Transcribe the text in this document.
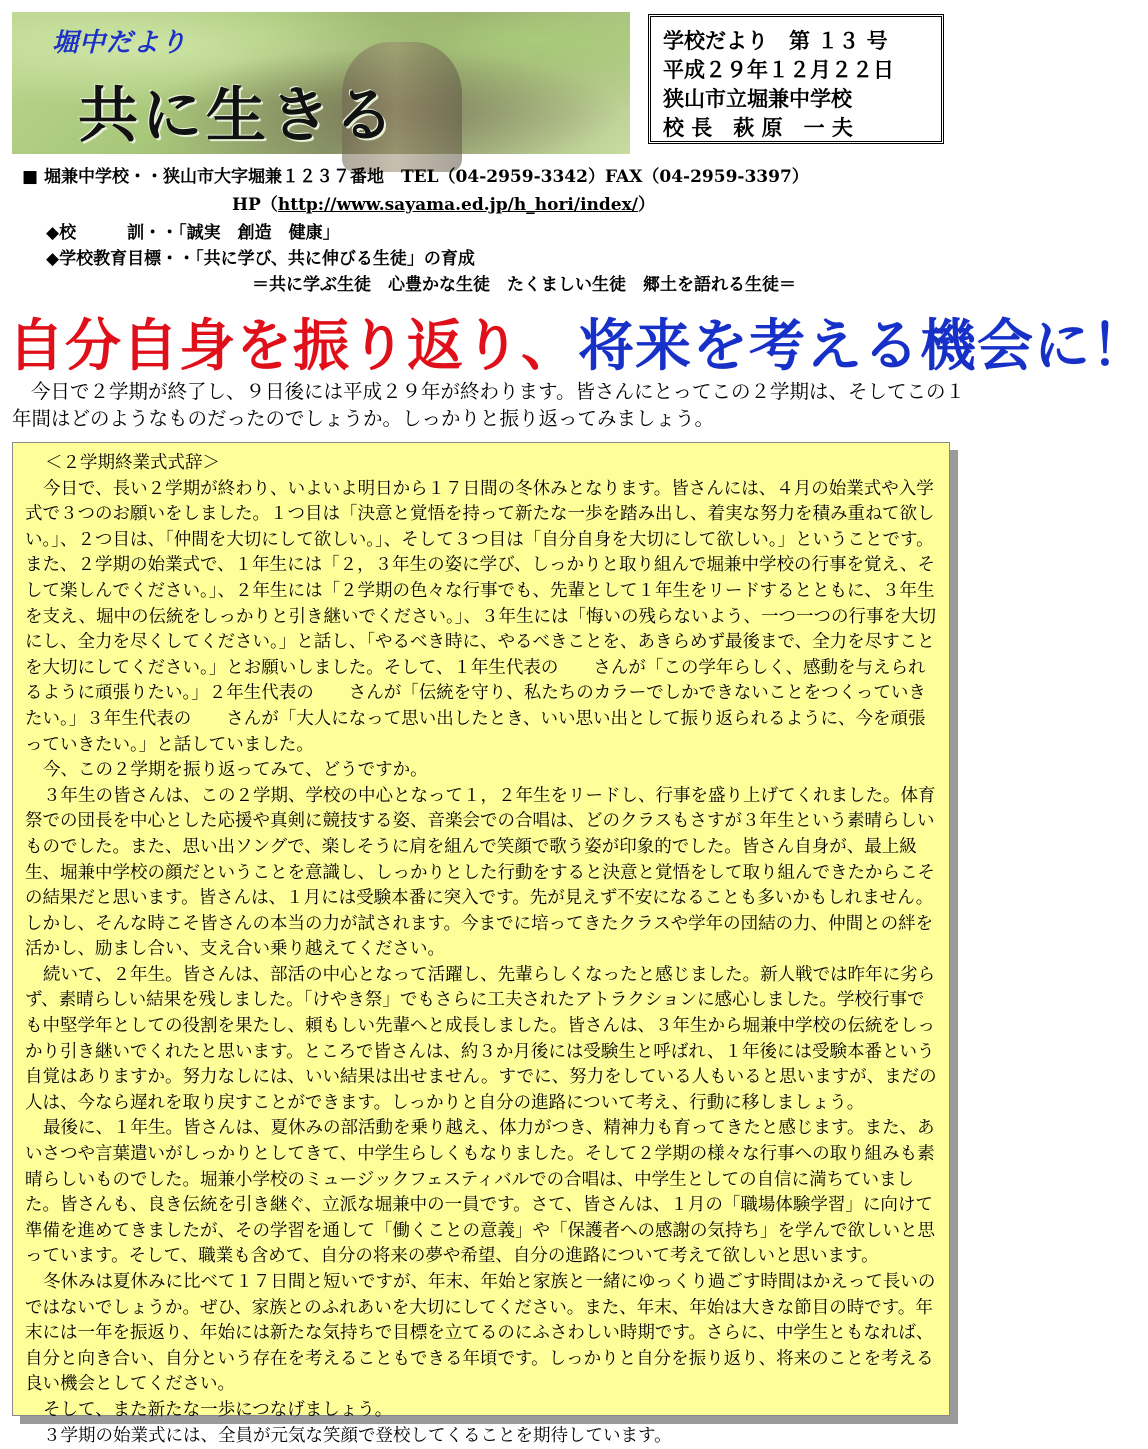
堀中だより
共に生きる
学校だより　第 １３ 号
平成２９年１２月２２日
狭山市立堀兼中学校
校 長　萩 原　一 夫
■ 堀兼中学校・・狭山市大字堀兼１２３７番地　TEL（04-2959-3342）FAX（04-2959-3397）
HP（http://www.sayama.ed.jp/h_hori/index/）
◆校　　　訓・・「誠実　創造　健康」
◆学校教育目標・・「共に学び、共に伸びる生徒」の育成
＝共に学ぶ生徒　心豊かな生徒　たくましい生徒　郷土を語れる生徒＝
自分自身を振り返り、将来を考える機会に！
今日で２学期が終了し、９日後には平成２９年が終わります。皆さんにとってこの２学期は、そしてこの１年間はどのようなものだったのでしょうか。しっかりと振り返ってみましょう。
＜２学期終業式式辞＞

今日で、長い２学期が終わり、いよいよ明日から１７日間の冬休みとなります。皆さんには、４月の始業式や入学式で３つのお願いをしました。１つ目は「決意と覚悟を持って新たな一歩を踏み出し、着実な努力を積み重ねて欲しい。」、２つ目は、「仲間を大切にして欲しい。」、そして３つ目は「自分自身を大切にして欲しい。」ということです。また、２学期の始業式で、１年生には「２，３年生の姿に学び、しっかりと取り組んで堀兼中学校の行事を覚え、そして楽しんでください。」、２年生には「２学期の色々な行事でも、先輩として１年生をリードするとともに、３年生を支え、堀中の伝統をしっかりと引き継いでください。」、３年生には「悔いの残らないよう、一つ一つの行事を大切にし、全力を尽くしてください。」と話し、「やるべき時に、やるべきことを、あきらめず最後まで、全力を尽すことを大切にしてください。」とお願いしました。そして、１年生代表の　　さんが「この学年らしく、感動を与えられるように頑張りたい。」２年生代表の　　さんが「伝統を守り、私たちのカラーでしかできないことをつくっていきたい。」３年生代表の　　さんが「大人になって思い出したとき、いい思い出として振り返られるように、今を頑張っていきたい。」と話していました。

今、この２学期を振り返ってみて、どうですか。

３年生の皆さんは、この２学期、学校の中心となって１，２年生をリードし、行事を盛り上げてくれました。体育祭での団長を中心とした応援や真剣に競技する姿、音楽会での合唱は、どのクラスもさすが３年生という素晴らしいものでした。また、思い出ソングで、楽しそうに肩を組んで笑顔で歌う姿が印象的でした。皆さん自身が、最上級生、堀兼中学校の顔だということを意識し、しっかりとした行動をすると決意と覚悟をして取り組んできたからこその結果だと思います。皆さんは、１月には受験本番に突入です。先が見えず不安になることも多いかもしれません。しかし、そんな時こそ皆さんの本当の力が試されます。今までに培ってきたクラスや学年の団結の力、仲間との絆を活かし、励まし合い、支え合い乗り越えてください。

続いて、２年生。皆さんは、部活の中心となって活躍し、先輩らしくなったと感じました。新人戦では昨年に劣らず、素晴らしい結果を残しました。「けやき祭」でもさらに工夫されたアトラクションに感心しました。学校行事でも中堅学年としての役割を果たし、頼もしい先輩へと成長しました。皆さんは、３年生から堀兼中学校の伝統をしっかり引き継いでくれたと思います。ところで皆さんは、約３か月後には受験生と呼ばれ、１年後には受験本番という自覚はありますか。努力なしには、いい結果は出せません。すでに、努力をしている人もいると思いますが、まだの人は、今なら遅れを取り戻すことができます。しっかりと自分の進路について考え、行動に移しましょう。

最後に、１年生。皆さんは、夏休みの部活動を乗り越え、体力がつき、精神力も育ってきたと感じます。また、あいさつや言葉遣いがしっかりとしてきて、中学生らしくもなりました。そして２学期の様々な行事への取り組みも素晴らしいものでした。堀兼小学校のミュージックフェスティバルでの合唱は、中学生としての自信に満ちていました。皆さんも、良き伝統を引き継ぐ、立派な堀兼中の一員です。さて、皆さんは、１月の「職場体験学習」に向けて準備を進めてきましたが、その学習を通して「働くことの意義」や「保護者への感謝の気持ち」を学んで欲しいと思っています。そして、職業も含めて、自分の将来の夢や希望、自分の進路について考えて欲しいと思います。

冬休みは夏休みに比べて１７日間と短いですが、年末、年始と家族と一緒にゆっくり過ごす時間はかえって長いのではないでしょうか。ぜひ、家族とのふれあいを大切にしてください。また、年末、年始は大きな節目の時です。年末には一年を振返り、年始には新たな気持ちで目標を立てるのにふさわしい時期です。さらに、中学生ともなれば、自分と向き合い、自分という存在を考えることもできる年頃です。しっかりと自分を振り返り、将来のことを考える良い機会としてください。

そして、また新たな一歩につなげましょう。

３学期の始業式には、全員が元気な笑顔で登校してくることを期待しています。
